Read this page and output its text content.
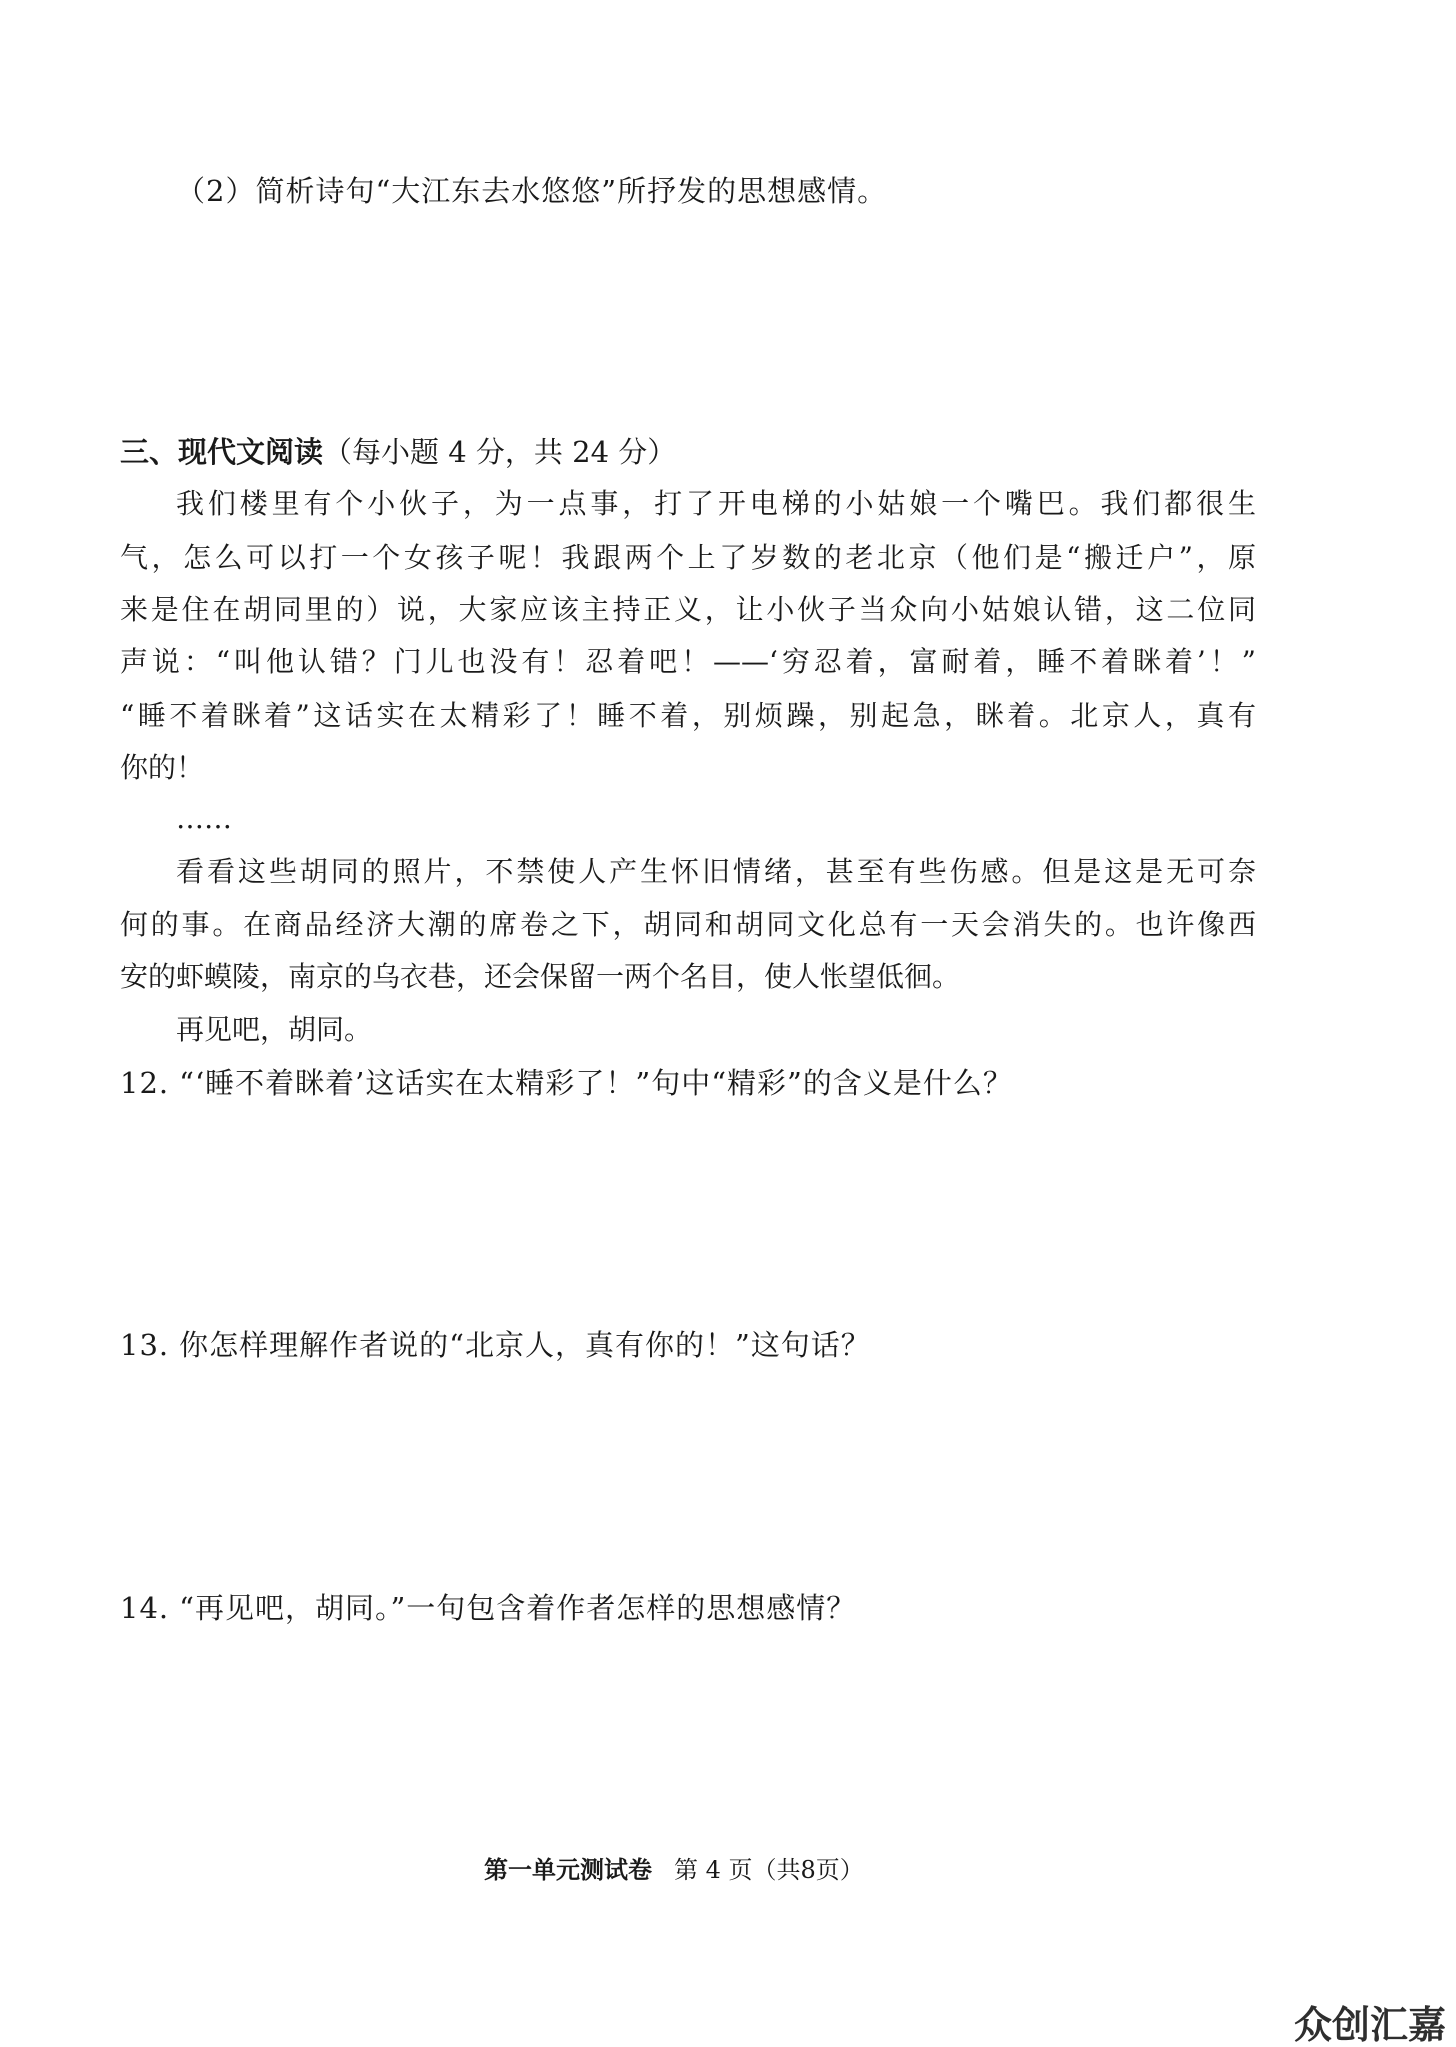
（2）简析诗句“大江东去水悠悠”所抒发的思想感情。
三、现代文阅读（每小题 4 分，共 24 分）
我们楼里有个小伙子，为一点事，打了开电梯的小姑娘一个嘴巴。我们都很生
气，怎么可以打一个女孩子呢！我跟两个上了岁数的老北京（他们是“搬迁户”，原
来是住在胡同里的）说，大家应该主持正义，让小伙子当众向小姑娘认错，这二位同
声说：“叫他认错？门儿也没有！忍着吧！——‘穷忍着，富耐着，睡不着眯着’！”
“睡不着眯着”这话实在太精彩了！睡不着，别烦躁，别起急，眯着。北京人，真有
你的！
……
看看这些胡同的照片，不禁使人产生怀旧情绪，甚至有些伤感。但是这是无可奈
何的事。在商品经济大潮的席卷之下，胡同和胡同文化总有一天会消失的。也许像西
安的虾蟆陵，南京的乌衣巷，还会保留一两个名目，使人怅望低徊。
再见吧，胡同。
12. “‘睡不着眯着’这话实在太精彩了！”句中“精彩”的含义是什么？
13. 你怎样理解作者说的“北京人，真有你的！”这句话？
14. “再见吧，胡同。”一句包含着作者怎样的思想感情？
第一单元测试卷 第 4 页（共8页）
众创汇嘉
